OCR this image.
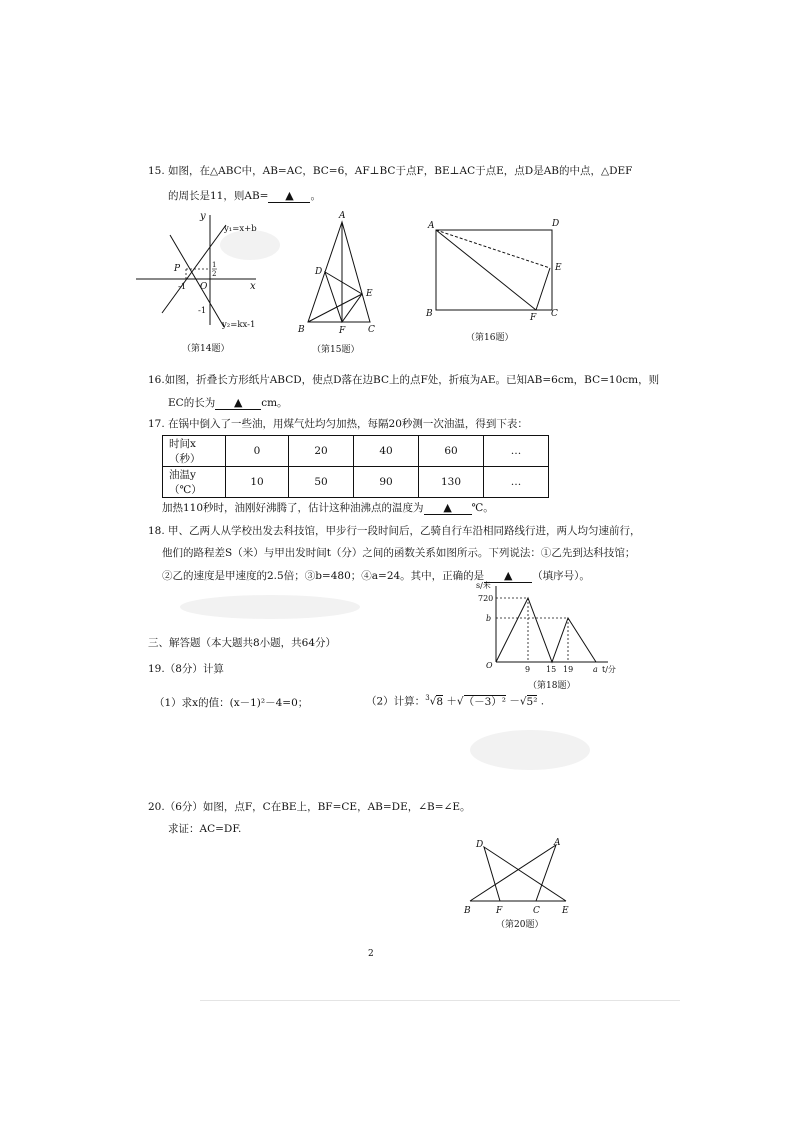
15. 如图，在△ABC中，AB=AC，BC=6，AF⊥BC于点F，BE⊥AC于点E，点D是AB的中点，△DEF
的周长是11，则AB= ▲ 。
y
x
y₁=x+b
y₂=kx-1
P
O
-1
-1
1
2
（第14题）
A
B	C
D
E
F
（第15题）
A	D
E
B	F C
（第16题）
16.如图，折叠长方形纸片ABCD，使点D落在边BC上的点F处，折痕为AE。已知AB=6cm，BC=10cm，则
EC的长为 ▲ cm。
17. 在锅中倒入了一些油，用煤气灶均匀加热，每隔20秒测一次油温，得到下表：
时间x（秒）	0	20	40	60	…
油温y（℃）	10	50	90	130	…
加热110秒时，油刚好沸腾了，估计这种油沸点的温度为 ▲ ℃。
18. 甲、乙两人从学校出发去科技馆，甲步行一段时间后，乙骑自行车沿相同路线行进，两人均匀速前行，
他们的路程差S（米）与甲出发时间t（分）之间的函数关系如图所示。下列说法：①乙先到达科技馆；
②乙的速度是甲速度的2.5倍；③b=480；④a=24。其中，正确的是 ▲ （填序号）。
s/米
720
b
O	9 15 19 a t/分
（第18题）
三、解答题（本大题共8小题，共64分）
19.（8分）计算
（1）求x的值：(x－1)²－4=0；	（2）计算：$^3$√8 ＋√（－3）² －√5² .
20.（6分）如图，点F，C在BE上，BF=CE，AB=DE，∠B=∠E。
求证：AC=DF.
D	A
B	F	C E
（第20题）
2
